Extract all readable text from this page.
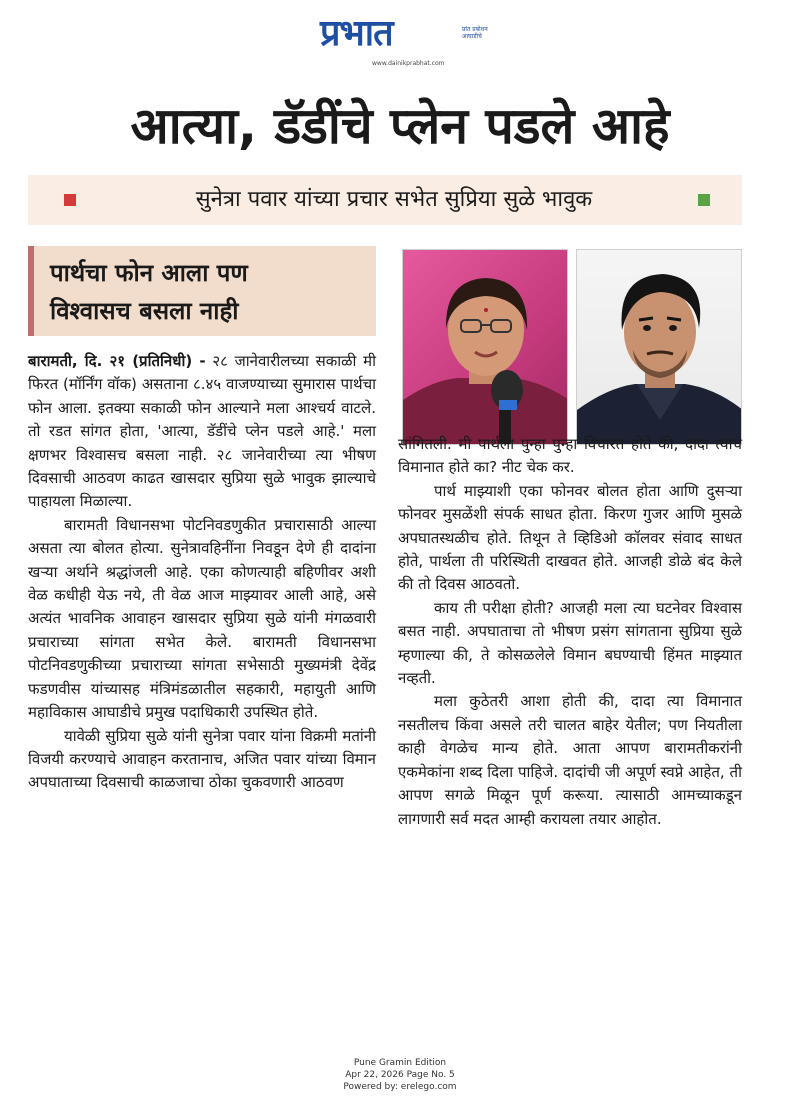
प्रभात	प्रांत प्रबोधन आघाडीचे
www.dainikprabhat.com
आत्या, डॅडींचे प्लेन पडले आहे
सुनेत्रा पवार यांच्या प्रचार सभेत सुप्रिया सुळे भावुक
पार्थचा फोन आला पण
विश्वासच बसला नाही

बारामती, दि. २१ (प्रतिनिधी) - २८ जानेवारीलच्या सकाळी मी फिरत (मॉर्निंग वॉक) असताना ८.४५ वाजण्याच्या सुमारास पार्थचा फोन आला. इतक्या सकाळी फोन आल्याने मला आश्चर्य वाटले. तो रडत सांगत होता, 'आत्या, डॅडींचे प्लेन पडले आहे.' मला क्षणभर विश्वासच बसला नाही. २८ जानेवारीच्या त्या भीषण दिवसाची आठवण काढत खासदार सुप्रिया सुळे भावुक झाल्याचे पाहायला मिळाल्या.

बारामती विधानसभा पोटनिवडणुकीत प्रचारासाठी आल्या असता त्या बोलत होत्या. सुनेत्रावहिनींना निवडून देणे ही दादांना खऱ्या अर्थाने श्रद्धांजली आहे. एका कोणत्याही बहिणीवर अशी वेळ कधीही येऊ नये, ती वेळ आज माझ्यावर आली आहे, असे अत्यंत भावनिक आवाहन खासदार सुप्रिया सुळे यांनी मंगळवारी प्रचाराच्या सांगता सभेत केले. बारामती विधानसभा पोटनिवडणुकीच्या प्रचाराच्या सांगता सभेसाठी मुख्यमंत्री देवेंद्र फडणवीस यांच्यासह मंत्रिमंडळातील सहकारी, महायुती आणि महाविकास आघाडीचे प्रमुख पदाधिकारी उपस्थित होते.

यावेळी सुप्रिया सुळे यांनी सुनेत्रा पवार यांना विक्रमी मतांनी विजयी करण्याचे आवाहन करतानाच, अजित पवार यांच्या विमान अपघाताच्या दिवसाची काळजाचा ठोका चुकवणारी आठवण

सांगितली. मी पार्थला पुन्हा पुन्हा विचारत होते की, दादा त्याच विमानात होते का? नीट चेक कर.

पार्थ माझ्याशी एका फोनवर बोलत होता आणि दुसऱ्या फोनवर मुसळेंशी संपर्क साधत होता. किरण गुजर आणि मुसळे अपघातस्थळीच होते. तिथून ते व्हिडिओ कॉलवर संवाद साधत होते, पार्थला ती परिस्थिती दाखवत होते. आजही डोळे बंद केले की तो दिवस आठवतो.

काय ती परीक्षा होती? आजही मला त्या घटनेवर विश्वास बसत नाही. अपघाताचा तो भीषण प्रसंग सांगताना सुप्रिया सुळे म्हणाल्या की, ते कोसळलेले विमान बघण्याची हिंमत माझ्यात नव्हती.

मला कुठेतरी आशा होती की, दादा त्या विमानात नसतीलच किंवा असले तरी चालत बाहेर येतील; पण नियतीला काही वेगळेच मान्य होते. आता आपण बारामतीकरांनी एकमेकांना शब्द दिला पाहिजे. दादांची जी अपूर्ण स्वप्ने आहेत, ती आपण सगळे मिळून पूर्ण करूया. त्यासाठी आमच्याकडून लागणारी सर्व मदत आम्ही करायला तयार आहोत.

Pune Gramin Edition
Apr 22, 2026 Page No. 5
Powered by: erelego.com
